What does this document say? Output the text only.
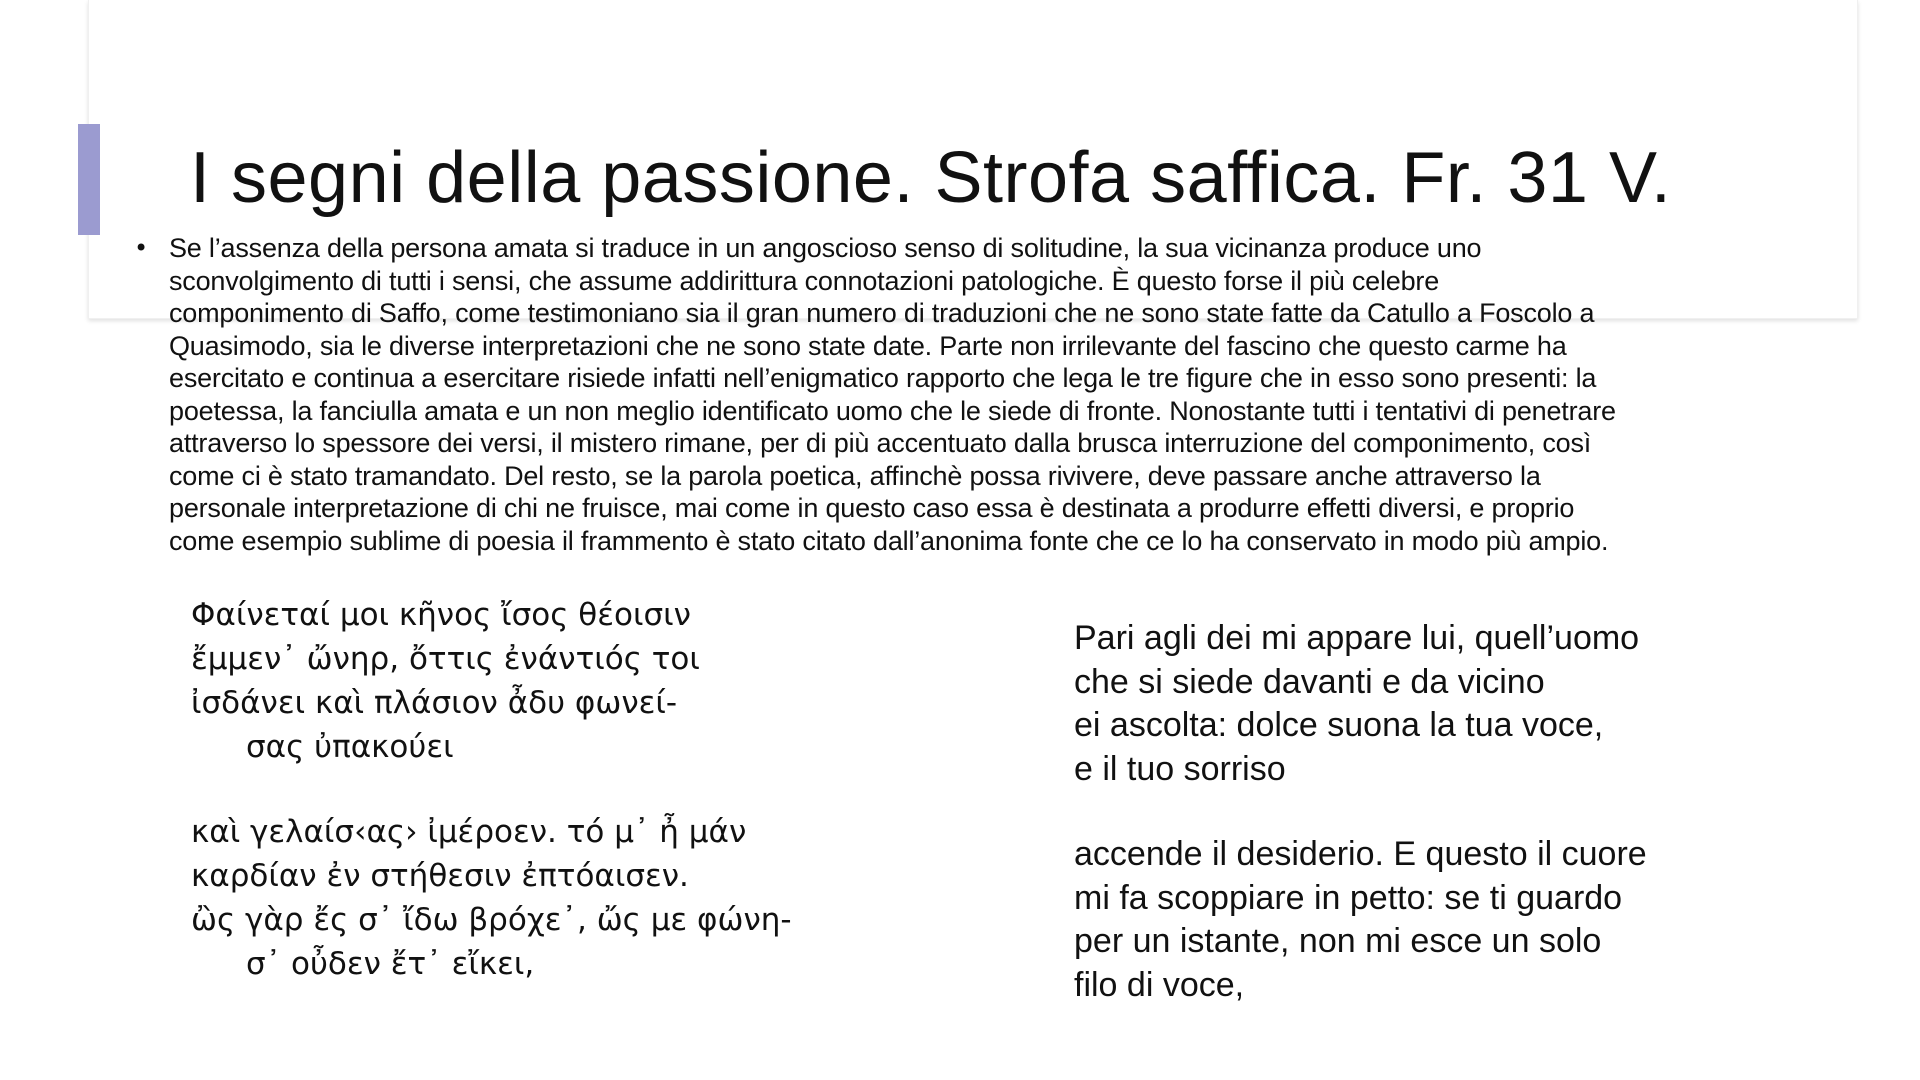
I segni della passione. Strofa saffica. Fr. 31 V.
• Se l’assenza della persona amata si traduce in un angoscioso senso di solitudine, la sua vicinanza produce uno
sconvolgimento di tutti i sensi, che assume addirittura connotazioni patologiche. È questo forse il più celebre
componimento di Saffo, come testimoniano sia il gran numero di traduzioni che ne sono state fatte da Catullo a Foscolo a
Quasimodo, sia le diverse interpretazioni che ne sono state date. Parte non irrilevante del fascino che questo carme ha
esercitato e continua a esercitare risiede infatti nell’enigmatico rapporto che lega le tre figure che in esso sono presenti: la
poetessa, la fanciulla amata e un non meglio identificato uomo che le siede di fronte. Nonostante tutti i tentativi di penetrare
attraverso lo spessore dei versi, il mistero rimane, per di più accentuato dalla brusca interruzione del componimento, così
come ci è stato tramandato. Del resto, se la parola poetica, affinchè possa rivivere, deve passare anche attraverso la
personale interpretazione di chi ne fruisce, mai come in questo caso essa è destinata a produrre effetti diversi, e proprio
come esempio sublime di poesia il frammento è stato citato dall’anonima fonte che ce lo ha conservato in modo più ampio.
Φαίνεταί μοι κῆνος ἴσος θέοισιν
ἔμμεν᾽ ὤνηρ, ὄττις ἐνάντιός τοι
ἰσδάνει καὶ πλάσιον ἆδυ φωνεί-
σας ὐπακούει
καὶ γελαίσ‹ας› ἰμέροεν. τό μ᾽ ἦ μάν
καρδίαν ἐν στήθεσιν ἐπτόαισεν.
ὢς γὰρ ἔς σ᾽ ἴδω βρόχε᾽, ὤς με φώνη-
σ᾽ οὖδεν ἔτ᾽ εἴκει,
Pari agli dei mi appare lui, quell’uomo
che si siede davanti e da vicino
ei ascolta: dolce suona la tua voce,
e il tuo sorriso
accende il desiderio. E questo il cuore
mi fa scoppiare in petto: se ti guardo
per un istante, non mi esce un solo
filo di voce,
